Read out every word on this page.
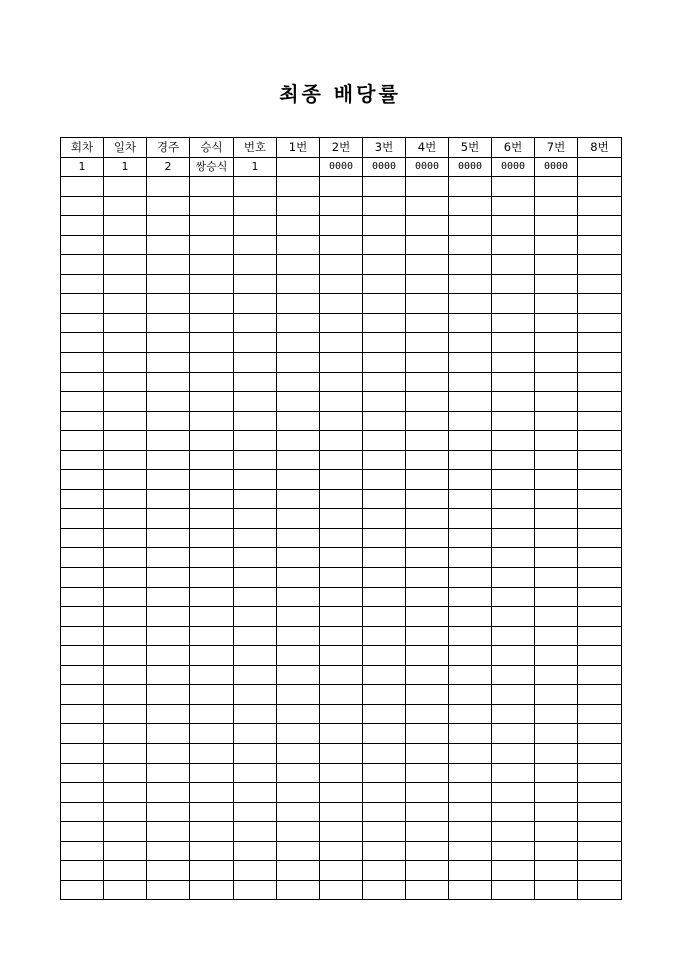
최종 배당률
회차	일차	경주	승식	번호	1번	2번	3번	4번	5번	6번	7번	8번
1	1	2	쌍승식	1		0000	0000	0000	0000	0000	0000	
